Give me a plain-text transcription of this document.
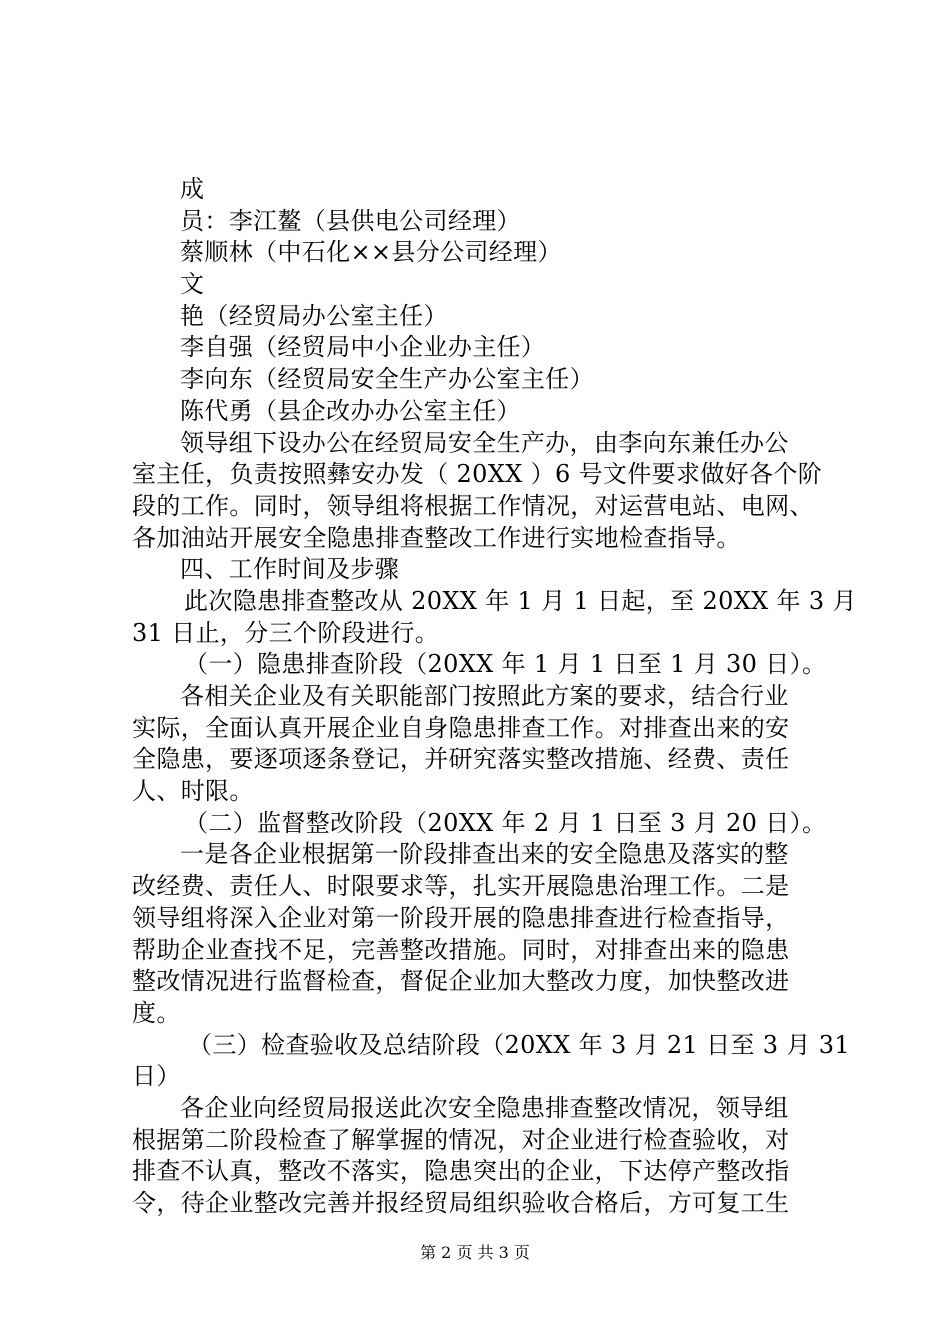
成
员：李江鳌（县供电公司经理）
蔡顺林（中石化××县分公司经理）
文
艳（经贸局办公室主任）
李自强（经贸局中小企业办主任）
李向东（经贸局安全生产办公室主任）
陈代勇（县企改办办公室主任）
领导组下设办公在经贸局安全生产办，由李向东兼任办公
室主任，负责按照彝安办发（ 20XX ）6 号文件要求做好各个阶
段的工作。同时，领导组将根据工作情况，对运营电站、电网、
各加油站开展安全隐患排查整改工作进行实地检查指导。
四、工作时间及步骤
此次隐患排查整改从 20XX 年 1 月 1 日起，至 20XX 年 3 月
31 日止，分三个阶段进行。
（一）隐患排查阶段（20XX 年 1 月 1 日至 1 月 30 日）。
各相关企业及有关职能部门按照此方案的要求，结合行业
实际，全面认真开展企业自身隐患排查工作。对排查出来的安
全隐患，要逐项逐条登记，并研究落实整改措施、经费、责任
人、时限。
（二）监督整改阶段（20XX 年 2 月 1 日至 3 月 20 日）。
一是各企业根据第一阶段排查出来的安全隐患及落实的整
改经费、责任人、时限要求等，扎实开展隐患治理工作。二是
领导组将深入企业对第一阶段开展的隐患排查进行检查指导，
帮助企业查找不足，完善整改措施。同时，对排查出来的隐患
整改情况进行监督检查，督促企业加大整改力度，加快整改进
度。
（三）检查验收及总结阶段（20XX 年 3 月 21 日至 3 月 31
日）
各企业向经贸局报送此次安全隐患排查整改情况，领导组
根据第二阶段检查了解掌握的情况，对企业进行检查验收，对
排查不认真，整改不落实，隐患突出的企业，下达停产整改指
令，待企业整改完善并报经贸局组织验收合格后，方可复工生
第 2 页 共 3 页
